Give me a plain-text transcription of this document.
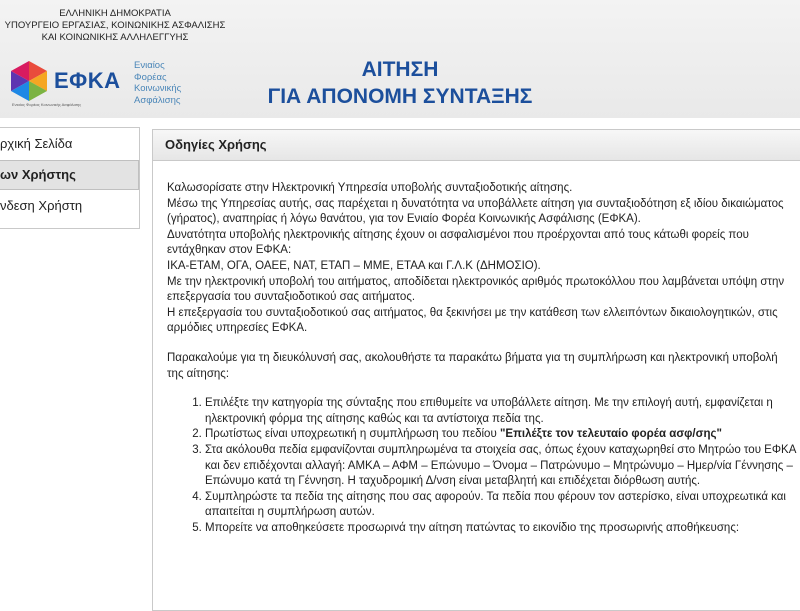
ΕΛΛΗΝΙΚΗ ΔΗΜΟΚΡΑΤΙΑ
ΥΠΟΥΡΓΕΙΟ ΕΡΓΑΣΙΑΣ, ΚΟΙΝΩΝΙΚΗΣ ΑΣΦΑΛΙΣΗΣ
ΚΑΙ ΚΟΙΝΩΝΙΚΗΣ ΑΛΛΗΛΕΓΓΥΗΣ
ΕΦΚΑ
Ενιαίος Φορέας Κοινωνικής Ασφάλισης
Ενιαίος
Φορέας
Κοινωνικής
Ασφάλισης
ΑΙΤΗΣΗ
ΓΙΑ ΑΠΟΝΟΜΗ ΣΥΝΤΑΞΗΣ
ρχική Σελίδα
ων Χρήστης
νδεση Χρήστη
Οδηγίες Χρήσης

Καλωσορίσατε στην Ηλεκτρονική Υπηρεσία υποβολής συνταξιοδοτικής αίτησης.

Μέσω της Υπηρεσίας αυτής, σας παρέχεται η δυνατότητα να υποβάλλετε αίτηση για συνταξιοδότηση εξ ιδίου δικαιώματος (γήρατος), αναπηρίας ή λόγω θανάτου, για τον Ενιαίο Φορέα Κοινωνικής Ασφάλισης (ΕΦΚΑ).

Δυνατότητα υποβολής ηλεκτρονικής αίτησης έχουν οι ασφαλισμένοι που προέρχονται από τους κάτωθι φορείς που εντάχθηκαν στον ΕΦΚΑ:

ΙΚΑ-ΕΤΑΜ, ΟΓΑ, ΟΑΕΕ, ΝΑΤ, ΕΤΑΠ – ΜΜΕ, ΕΤΑΑ και Γ.Λ.Κ (ΔΗΜΟΣΙΟ).

Με την ηλεκτρονική υποβολή του αιτήματος, αποδίδεται ηλεκτρονικός αριθμός πρωτοκόλλου που λαμβάνεται υπόψη στην επεξεργασία του συνταξιοδοτικού σας αιτήματος.

Η επεξεργασία του συνταξιοδοτικού σας αιτήματος, θα ξεκινήσει με την κατάθεση των ελλειπόντων δικαιολογητικών, στις αρμόδιες υπηρεσίες ΕΦΚΑ.

Παρακαλούμε για τη διευκόλυνσή σας, ακολουθήστε τα παρακάτω βήματα για τη συμπλήρωση και ηλεκτρονική υποβολή της αίτησης:

1. Επιλέξτε την κατηγορία της σύνταξης που επιθυμείτε να υποβάλλετε αίτηση. Με την επιλογή αυτή, εμφανίζεται η ηλεκτρονική φόρμα της αίτησης καθώς και τα αντίστοιχα πεδία της.
2. Πρωτίστως είναι υποχρεωτική η συμπλήρωση του πεδίου "Επιλέξτε τον τελευταίο φορέα ασφ/σης"
3. Στα ακόλουθα πεδία εμφανίζονται συμπληρωμένα τα στοιχεία σας, όπως έχουν καταχωρηθεί στο Μητρώο του ΕΦΚΑ και δεν επιδέχονται αλλαγή: ΑΜΚΑ – ΑΦΜ – Επώνυμο – Όνομα – Πατρώνυμο – Μητρώνυμο – Ημερ/νία Γέννησης – Επώνυμο κατά τη Γέννηση. Η ταχυδρομική Δ/νση είναι μεταβλητή και επιδέχεται διόρθωση αυτής.
4. Συμπληρώστε τα πεδία της αίτησης που σας αφορούν. Τα πεδία που φέρουν τον αστερίσκο, είναι υποχρεωτικά και απαιτείται η συμπλήρωση αυτών.
5. Μπορείτε να αποθηκεύσετε προσωρινά την αίτηση πατώντας το εικονίδιο της προσωρινής αποθήκευσης:
